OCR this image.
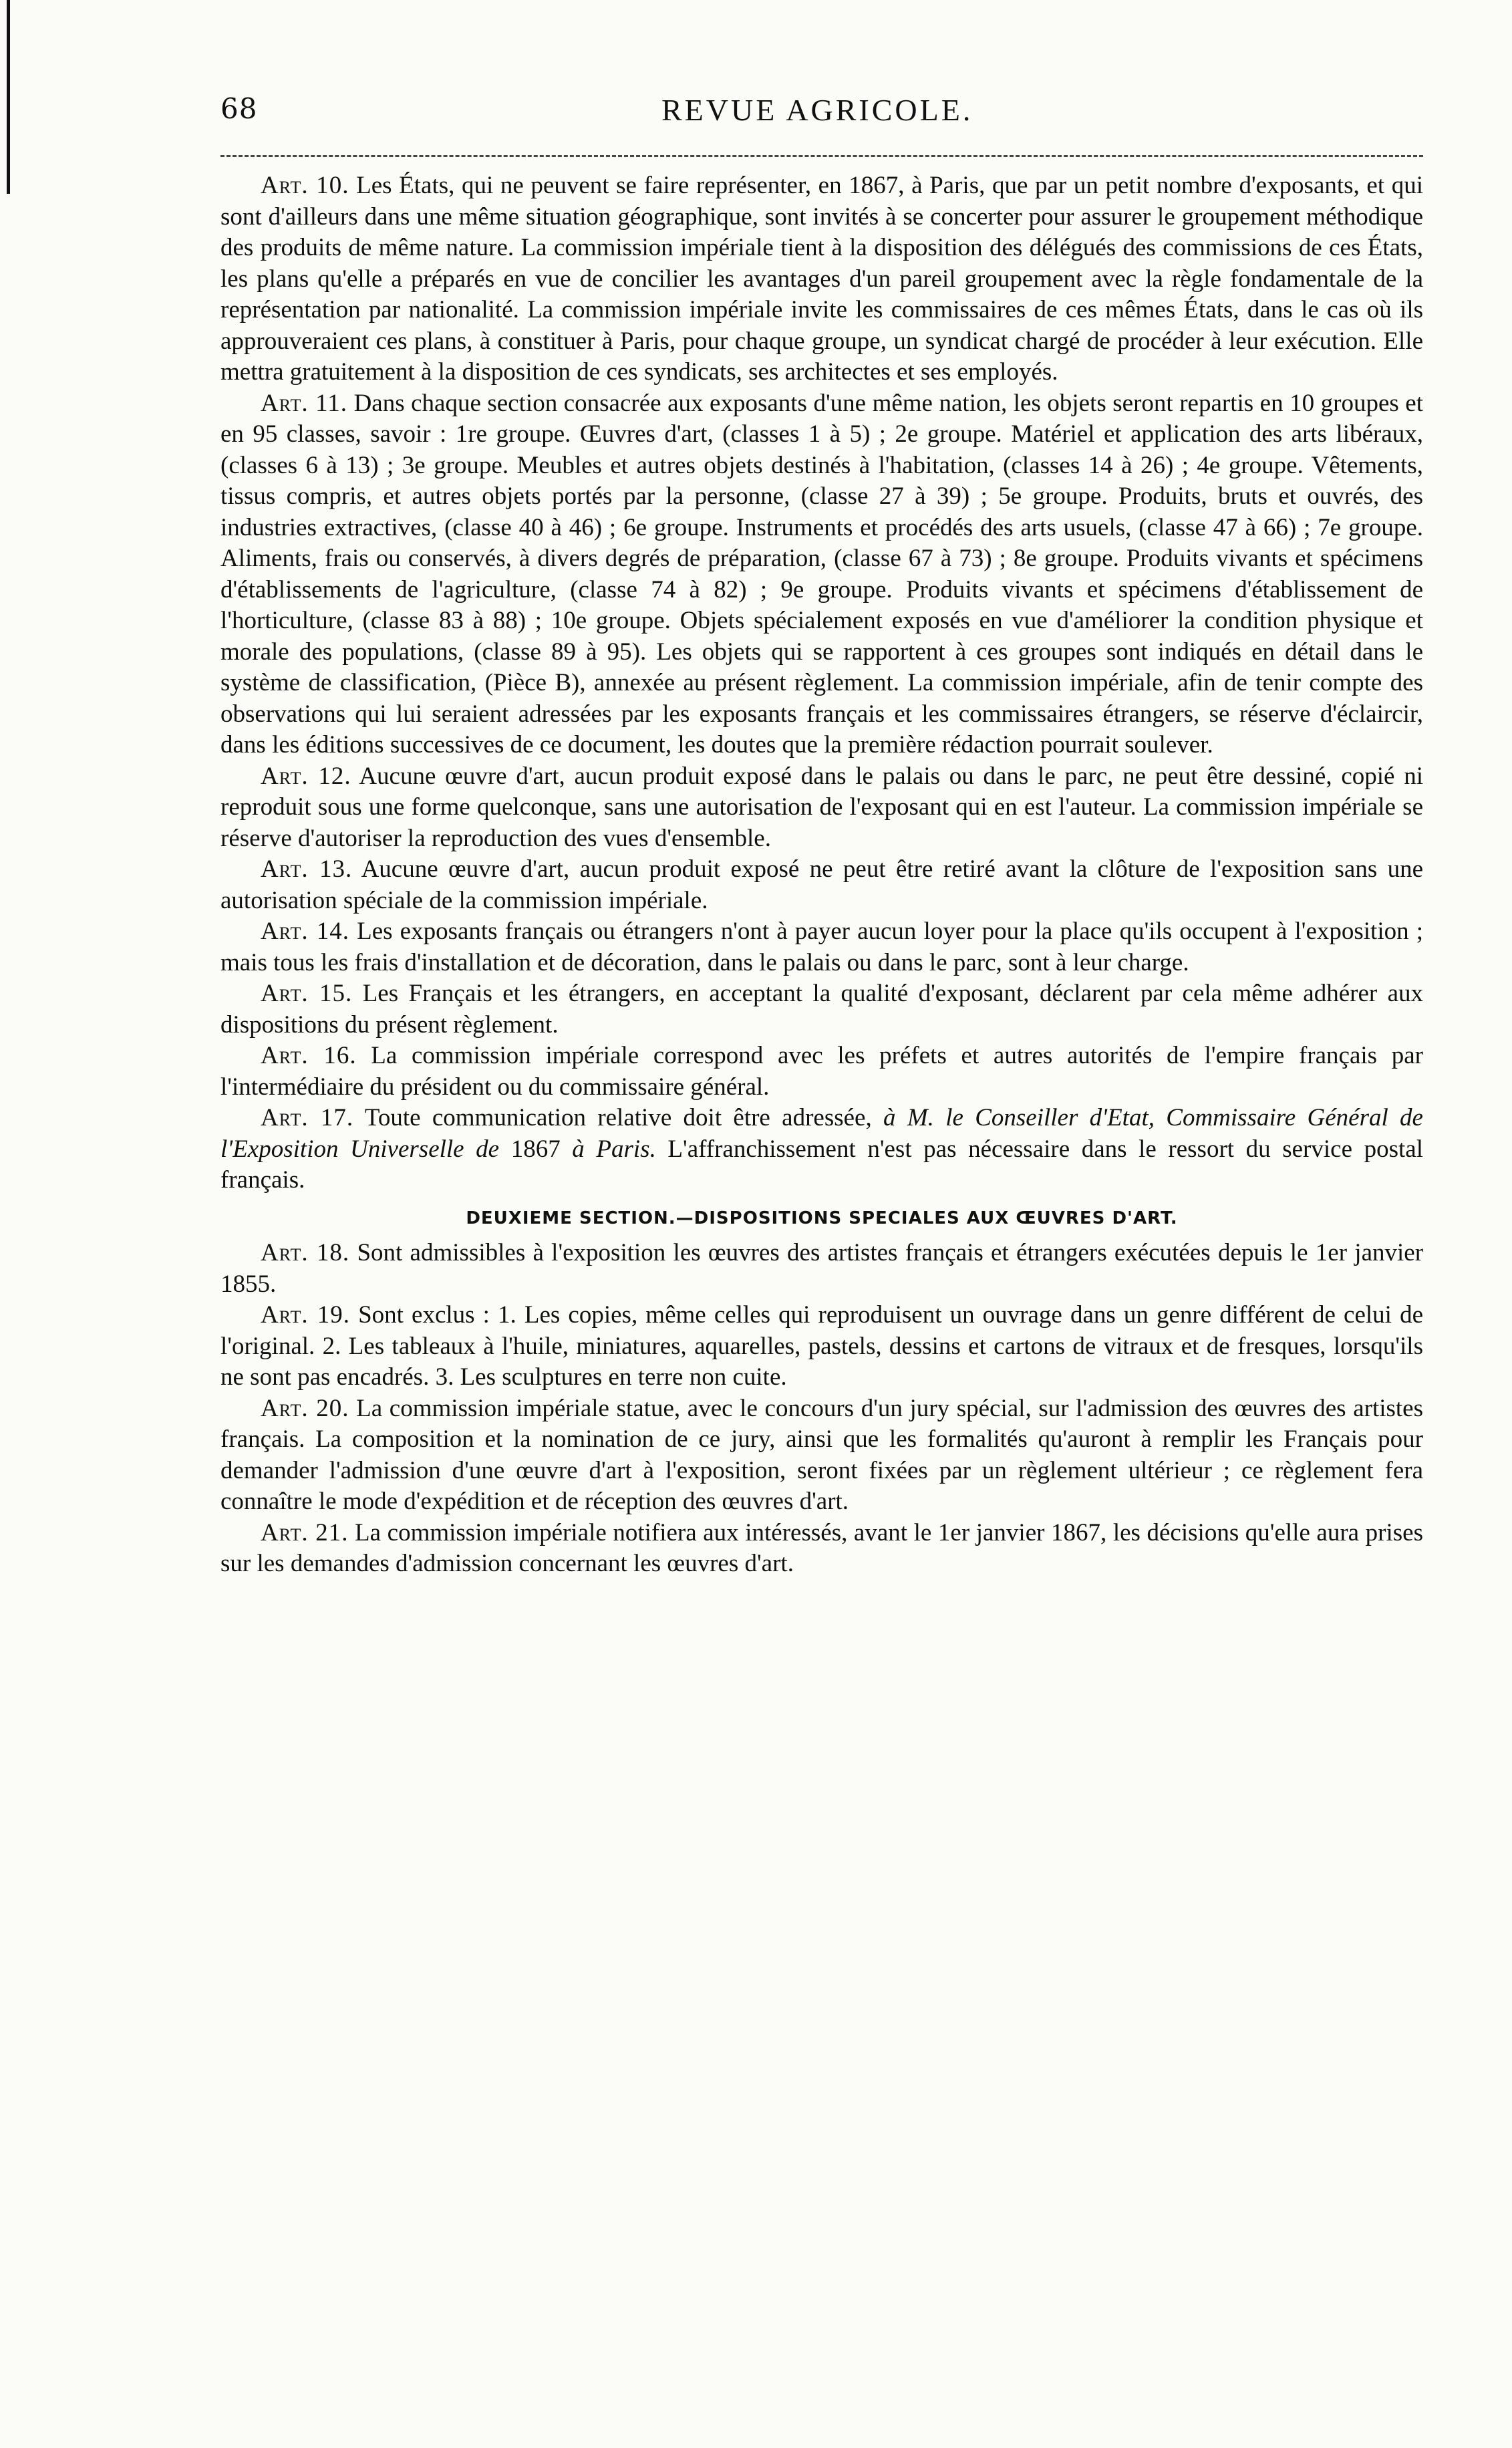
68	REVUE AGRICOLE.

Art. 10. Les États, qui ne peuvent se faire représenter, en 1867, à Paris, que par un petit nombre d'exposants, et qui sont d'ailleurs dans une même situation géographique, sont invités à se concerter pour assurer le groupement méthodique des produits de même nature. La commission impériale tient à la disposition des délégués des commissions de ces États, les plans qu'elle a préparés en vue de concilier les avantages d'un pareil groupement avec la règle fondamentale de la représentation par nationalité. La commission impériale invite les commissaires de ces mêmes États, dans le cas où ils approuveraient ces plans, à constituer à Paris, pour chaque groupe, un syndicat chargé de procéder à leur exécution. Elle mettra gratuitement à la disposition de ces syndicats, ses architectes et ses employés.

Art. 11. Dans chaque section consacrée aux exposants d'une même nation, les objets seront repartis en 10 groupes et en 95 classes, savoir : 1re groupe. Œuvres d'art, (classes 1 à 5) ; 2e groupe. Matériel et application des arts libéraux, (classes 6 à 13) ; 3e groupe. Meubles et autres objets destinés à l'habitation, (classes 14 à 26) ; 4e groupe. Vêtements, tissus compris, et autres objets portés par la personne, (classe 27 à 39) ; 5e groupe. Produits, bruts et ouvrés, des industries extractives, (classe 40 à 46) ; 6e groupe. Instruments et procédés des arts usuels, (classe 47 à 66) ; 7e groupe. Aliments, frais ou conservés, à divers degrés de préparation, (classe 67 à 73) ; 8e groupe. Produits vivants et spécimens d'établissements de l'agriculture, (classe 74 à 82) ; 9e groupe. Produits vivants et spécimens d'établissement de l'horticulture, (classe 83 à 88) ; 10e groupe. Objets spécialement exposés en vue d'améliorer la condition physique et morale des populations, (classe 89 à 95). Les objets qui se rapportent à ces groupes sont indiqués en détail dans le système de classification, (Pièce B), annexée au présent règlement. La commission impériale, afin de tenir compte des observations qui lui seraient adressées par les exposants français et les commissaires étrangers, se réserve d'éclaircir, dans les éditions successives de ce document, les doutes que la première rédaction pourrait soulever.

Art. 12. Aucune œuvre d'art, aucun produit exposé dans le palais ou dans le parc, ne peut être dessiné, copié ni reproduit sous une forme quelconque, sans une autorisation de l'exposant qui en est l'auteur. La commission impériale se réserve d'autoriser la reproduction des vues d'ensemble.

Art. 13. Aucune œuvre d'art, aucun produit exposé ne peut être retiré avant la clôture de l'exposition sans une autorisation spéciale de la commission impériale.

Art. 14. Les exposants français ou étrangers n'ont à payer aucun loyer pour la place qu'ils occupent à l'exposition ; mais tous les frais d'installation et de décoration, dans le palais ou dans le parc, sont à leur charge.

Art. 15. Les Français et les étrangers, en acceptant la qualité d'exposant, déclarent par cela même adhérer aux dispositions du présent règlement.

Art. 16. La commission impériale correspond avec les préfets et autres autorités de l'empire français par l'intermédiaire du président ou du commissaire général.

Art. 17. Toute communication relative doit être adressée, à M. le Conseiller d'Etat, Commissaire Général de l'Exposition Universelle de 1867 à Paris. L'affranchissement n'est pas nécessaire dans le ressort du service postal français.

DEUXIEME SECTION.—DISPOSITIONS SPECIALES AUX ŒUVRES D'ART.

Art. 18. Sont admissibles à l'exposition les œuvres des artistes français et étrangers exécutées depuis le 1er janvier 1855.

Art. 19. Sont exclus : 1. Les copies, même celles qui reproduisent un ouvrage dans un genre différent de celui de l'original. 2. Les tableaux à l'huile, miniatures, aquarelles, pastels, dessins et cartons de vitraux et de fresques, lorsqu'ils ne sont pas encadrés. 3. Les sculptures en terre non cuite.

Art. 20. La commission impériale statue, avec le concours d'un jury spécial, sur l'admission des œuvres des artistes français. La composition et la nomination de ce jury, ainsi que les formalités qu'auront à remplir les Français pour demander l'admission d'une œuvre d'art à l'exposition, seront fixées par un règlement ultérieur ; ce règlement fera connaître le mode d'expédition et de réception des œuvres d'art.

Art. 21. La commission impériale notifiera aux intéressés, avant le 1er janvier 1867, les décisions qu'elle aura prises sur les demandes d'admission concernant les œuvres d'art.
